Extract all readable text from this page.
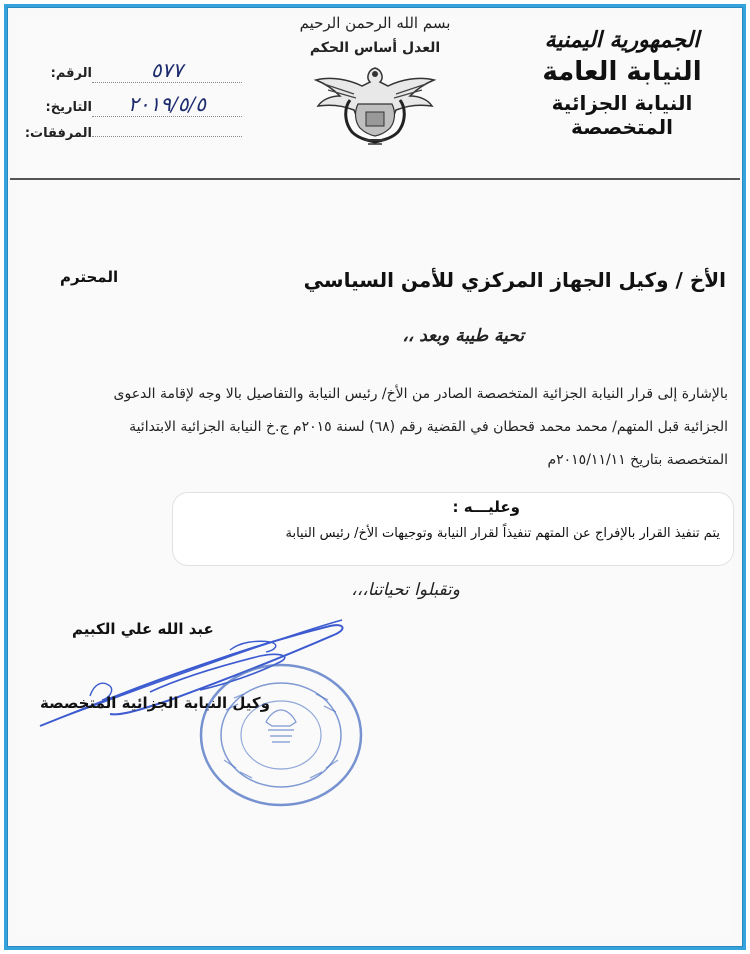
الجمهورية اليمنية
النيابة العامة
النيابة الجزائية المتخصصة
بسم الله الرحمن الرحيم
العدل أساس الحكم
الرقم:	٥٧٧
التاريخ:	٢٠١٩/٥/٥
المرفقات:
الأخ / وكيل الجهاز المركزي للأمن السياسي
المحترم
تحية طيبة وبعد ،،
بالإشارة إلى قرار النيابة الجزائية المتخصصة الصادر من الأخ/ رئيس النيابة والتفاصيل بالا وجه لإقامة الدعوى
الجزائية قبل المتهم/ محمد محمد قحطان في القضية رقم (٦٨) لسنة ٢٠١٥م ج.خ النيابة الجزائية الابتدائية
المتخصصة بتاريخ ٢٠١٥/١١/١١م
وعليـــه :
يتم تنفيذ القرار بالإفراج عن المتهم تنفيذاً لقرار النيابة وتوجيهات الأخ/ رئيس النيابة
وتقبلوا تحياتنا،،،
عبد الله علي الكبيم
وكيل النيابة الجزائية المتخصصة
